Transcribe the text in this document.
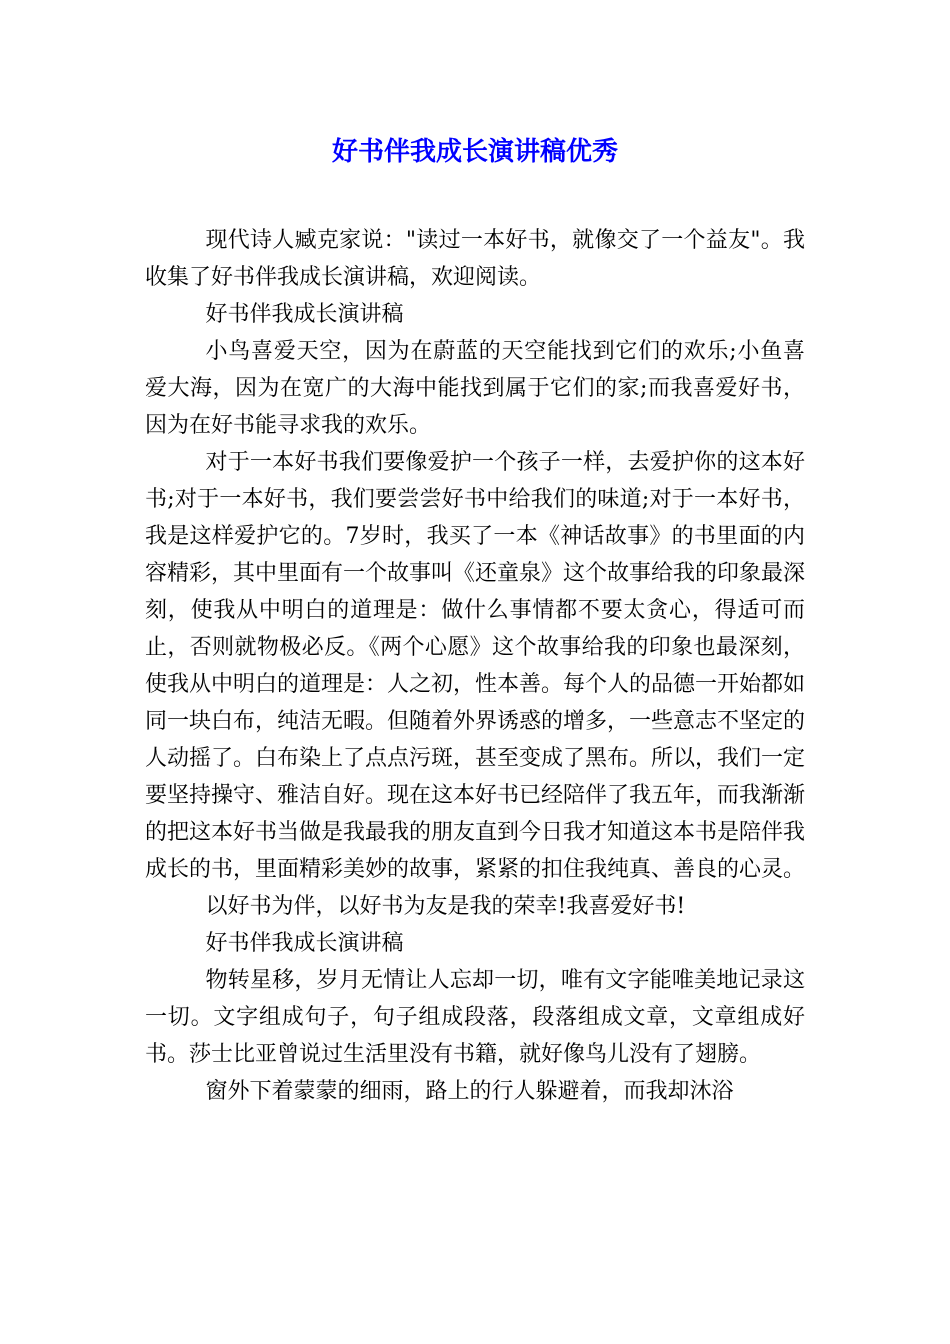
好书伴我成长演讲稿优秀

现代诗人臧克家说："读过一本好书，就像交了一个益友"。我收集了好书伴我成长演讲稿，欢迎阅读。

好书伴我成长演讲稿

小鸟喜爱天空，因为在蔚蓝的天空能找到它们的欢乐;小鱼喜爱大海，因为在宽广的大海中能找到属于它们的家;而我喜爱好书，因为在好书能寻求我的欢乐。

对于一本好书我们要像爱护一个孩子一样，去爱护你的这本好书;对于一本好书，我们要尝尝好书中给我们的味道;对于一本好书，我是这样爱护它的。7岁时，我买了一本《神话故事》的书里面的内容精彩，其中里面有一个故事叫《还童泉》这个故事给我的印象最深刻，使我从中明白的道理是：做什么事情都不要太贪心，得适可而止，否则就物极必反。《两个心愿》这个故事给我的印象也最深刻，使我从中明白的道理是：人之初，性本善。每个人的品德一开始都如同一块白布，纯洁无暇。但随着外界诱惑的增多，一些意志不坚定的人动摇了。白布染上了点点污斑，甚至变成了黑布。所以，我们一定要坚持操守、雅洁自好。现在这本好书已经陪伴了我五年，而我渐渐的把这本好书当做是我最我的朋友直到今日我才知道这本书是陪伴我成长的书，里面精彩美妙的故事，紧紧的扣住我纯真、善良的心灵。

以好书为伴，以好书为友是我的荣幸!我喜爱好书!

好书伴我成长演讲稿

物转星移，岁月无情让人忘却一切，唯有文字能唯美地记录这一切。文字组成句子，句子组成段落，段落组成文章，文章组成好书。莎士比亚曾说过生活里没有书籍，就好像鸟儿没有了翅膀。

窗外下着蒙蒙的细雨，路上的行人躲避着，而我却沐浴
